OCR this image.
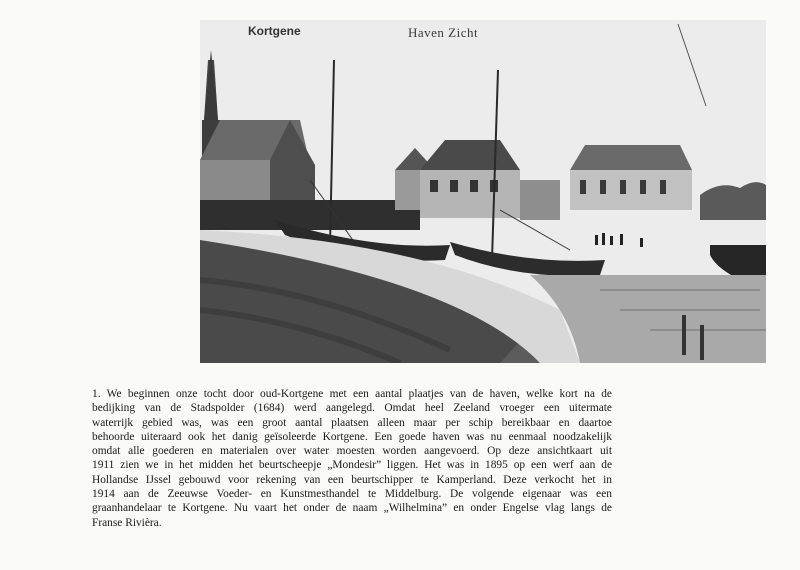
Kortgene	Haven Zicht
1. We beginnen onze tocht door oud-Kortgene met een aantal plaatjes van de haven, welke kort na de
bedijking van de Stadspolder (1684) werd aangelegd. Omdat heel Zeeland vroeger een uitermate
waterrijk gebied was, was een groot aantal plaatsen alleen maar per schip bereikbaar en daartoe
behoorde uiteraard ook het danig geïsoleerde Kortgene. Een goede haven was nu eenmaal noodzakelijk
omdat alle goederen en materialen over water moesten worden aangevoerd. Op deze ansichtkaart uit
1911 zien we in het midden het beurtscheepje „Mondesir” liggen. Het was in 1895 op een werf aan de
Hollandse IJssel gebouwd voor rekening van een beurtschipper te Kamperland. Deze verkocht het in
1914 aan de Zeeuwse Voeder- en Kunstmesthandel te Middelburg. De volgende eigenaar was een
graanhandelaar te Kortgene. Nu vaart het onder de naam „Wilhelmina” en onder Engelse vlag langs de
Franse Rivièra.
